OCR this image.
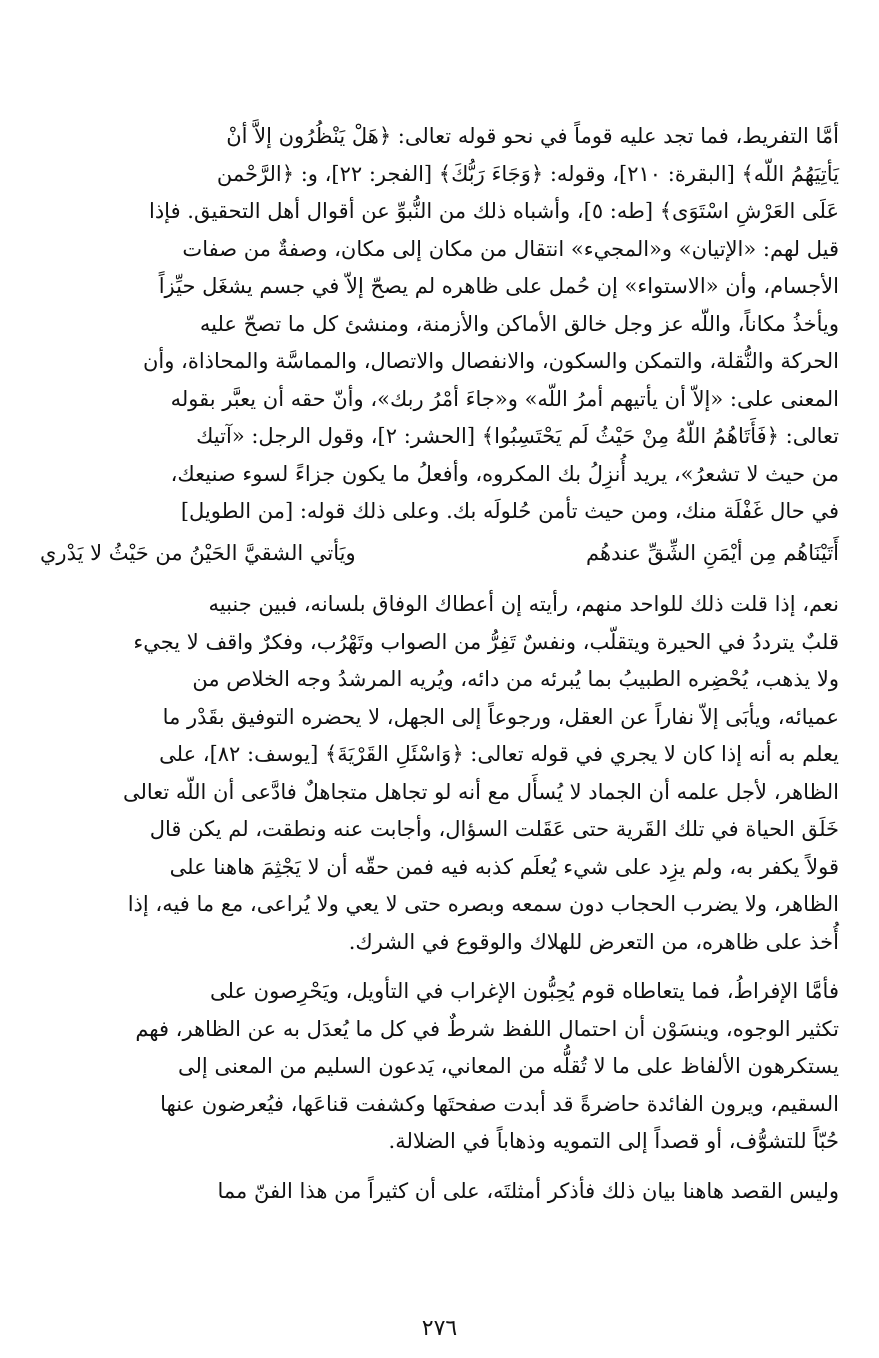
أمَّا التفريط، فما تجد عليه قوماً في نحو قوله تعالى: ﴿هَلْ يَنْظُرُون إلاَّ أنْ

يَأتِيَهُمُ اللّه﴾ [البقرة: ٢١٠]، وقوله: ﴿وَجَاءَ رَبُّكَ﴾ [الفجر: ٢٢]، و: ﴿الرَّحْمن

عَلَى العَرْشِ اسْتَوَى﴾ [طه: ٥]، وأشباه ذلك من النُّبوِّ عن أقوال أهل التحقيق. فإذا

قيل لهم: «الإتيان» و«المجيء» انتقال من مكان إلى مكان، وصفةٌ من صفات

الأجسام، وأن «الاستواء» إن حُمل على ظاهره لم يصحّ إلاّ في جسم يشغَل حيِّزاً

ويأخذُ مكاناً، واللّه عز وجل خالق الأماكن والأزمنة، ومنشئ كل ما تصحّ عليه

الحركة والنُّقلة، والتمكن والسكون، والانفصال والاتصال، والمماسَّة والمحاذاة، وأن

المعنى على: «إلاّ أن يأتيهم أمرُ اللّه» و«جاءَ أمْرُ ربك»، وأنّ حقه أن يعبَّر بقوله

تعالى: ﴿فَأَتَاهُمُ اللّهُ مِنْ حَيْثُ لَم يَحْتَسِبُوا﴾ [الحشر: ٢]، وقول الرجل: «آتيك

من حيث لا تشعرُ»، يريد أُنزِلُ بك المكروه، وأفعلُ ما يكون جزاءً لسوء صنيعك،

في حال غَفْلَة منك، ومن حيث تأمن حُلولَه بك. وعلى ذلك قوله: [من الطويل]

أَتَيْنَاهُم مِن أيْمَنِ الشِّقِّ عندهُم
ويَأتي الشقيَّ الحَيْنُ من حَيْثُ لا يَدْري

نعم، إذا قلت ذلك للواحد منهم، رأيته إن أعطاك الوفاق بلسانه، فبين جنبيه

قلبٌ يترددُ في الحيرة ويتقلّب، ونفسٌ تَفِرُّ من الصواب وتَهْرُب، وفكرٌ واقف لا يجيء

ولا يذهب، يُحْضِره الطبيبُ بما يُبرئه من دائه، ويُريه المرشدُ وجه الخلاص من

عميائه، ويأبَى إلاّ نفاراً عن العقل، ورجوعاً إلى الجهل، لا يحضره التوفيق بقَدْر ما

يعلم به أنه إذا كان لا يجري في قوله تعالى: ﴿وَاسْئَلِ القَرْيَةَ﴾ [يوسف: ٨٢]، على

الظاهر، لأجل علمه أن الجماد لا يُسأَل مع أنه لو تجاهل متجاهلٌ فادَّعى أن اللّه تعالى

خَلَق الحياة في تلك القَرية حتى عَقَلت السؤال، وأجابت عنه ونطقت، لم يكن قال

قولاً يكفر به، ولم يزِد على شيء يُعلَم كذبه فيه فمن حقّه أن لا يَجْثِمَ هاهنا على

الظاهر، ولا يضرب الحجاب دون سمعه وبصره حتى لا يعي ولا يُراعى، مع ما فيه، إذا

أُخذ على ظاهره، من التعرض للهلاك والوقوع في الشرك.

فأمَّا الإفراطُ، فما يتعاطاه قوم يُحِبُّون الإغراب في التأويل، ويَحْرِصون على

تكثير الوجوه، وينسَوْن أن احتمال اللفظ شرطٌ في كل ما يُعدَل به عن الظاهر، فهم

يستكرهون الألفاظ على ما لا تُقلُّه من المعاني، يَدعون السليم من المعنى إلى

السقيم، ويرون الفائدة حاضرةً قد أبدت صفحتَها وكشفت قناعَها، فيُعرضون عنها

حُبّاً للتشوُّف، أو قصداً إلى التمويه وذهاباً في الضلالة.

وليس القصد هاهنا بيان ذلك فأذكر أمثلتَه، على أن كثيراً من هذا الفنّ مما

٢٧٦
